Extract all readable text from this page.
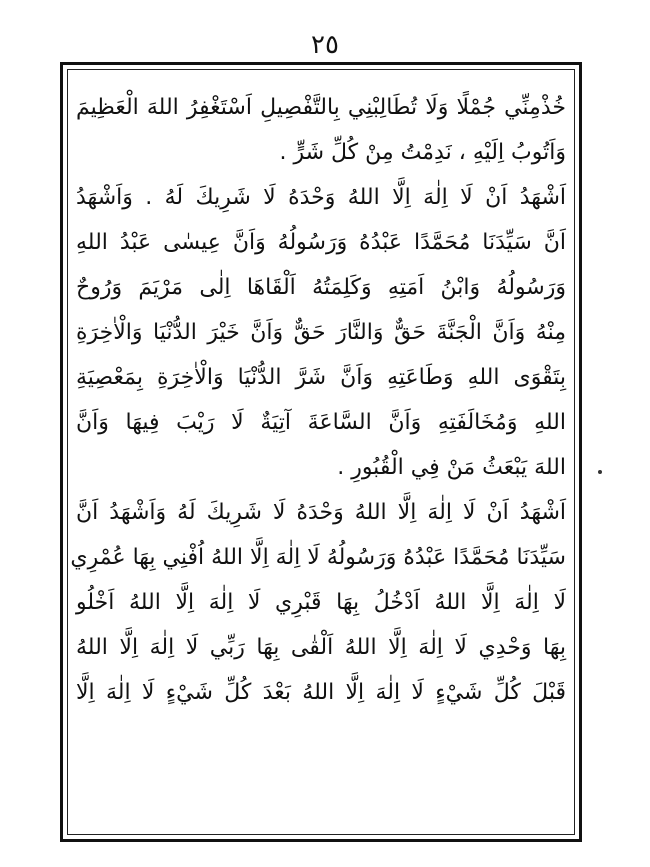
٢٥
خُذْمِنِّي جُمْلًا وَلَا تُطَالِبْنِي بِالتَّفْصِيلِ اَسْتَغْفِرُ اللهَ الْعَظِيمَ
وَاَتُوبُ اِلَيْهِ ، نَدِمْتُ مِنْ كُلِّ شَرٍّ .
اَشْهَدُ اَنْ لَا اِلٰهَ اِلَّا اللهُ وَحْدَهُ لَا شَرِيكَ لَهُ . وَاَشْهَدُ
اَنَّ سَيِّدَنَا مُحَمَّدًا عَبْدُهُ وَرَسُولُهُ وَاَنَّ عِيسٰى عَبْدُ اللهِ
وَرَسُولُهُ وَابْنُ اَمَتِهِ وَكَلِمَتُهُ اَلْقَاهَا اِلٰى مَرْيَمَ وَرُوحٌ
مِنْهُ وَاَنَّ الْجَنَّةَ حَقٌّ وَالنَّارَ حَقٌّ وَاَنَّ خَيْرَ الدُّنْيَا وَالْاٰخِرَةِ
بِتَقْوَى اللهِ وَطَاعَتِهِ وَاَنَّ شَرَّ الدُّنْيَا وَالْاٰخِرَةِ بِمَعْصِيَةِ
اللهِ وَمُخَالَفَتِهِ وَاَنَّ السَّاعَةَ آتِيَةٌ لَا رَيْبَ فِيهَا وَاَنَّ
اللهَ يَبْعَثُ مَنْ فِي الْقُبُورِ .
اَشْهَدُ اَنْ لَا اِلٰهَ اِلَّا اللهُ وَحْدَهُ لَا شَرِيكَ لَهُ وَاَشْهَدُ اَنَّ
سَيِّدَنَا مُحَمَّدًا عَبْدُهُ وَرَسُولُهُ لَا اِلٰهَ اِلَّا اللهُ اُفْنِي بِهَا عُمْرِي
لَا اِلٰهَ اِلَّا اللهُ اَدْخُلُ بِهَا قَبْرِي لَا اِلٰهَ اِلَّا اللهُ اَخْلُو
بِهَا وَحْدِي لَا اِلٰهَ اِلَّا اللهُ اَلْقٰى بِهَا رَبِّي لَا اِلٰهَ اِلَّا اللهُ
قَبْلَ كُلِّ شَيْءٍ لَا اِلٰهَ اِلَّا اللهُ بَعْدَ كُلِّ شَيْءٍ لَا اِلٰهَ اِلَّا
